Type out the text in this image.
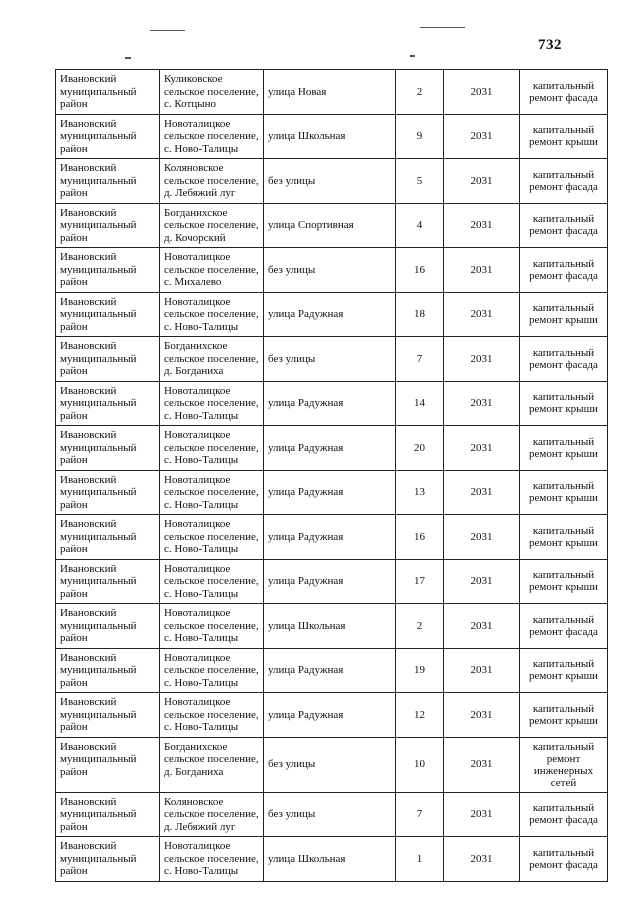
732
Ивановский муниципальный район	Куликовское сельское поселение, с. Котцыно	улица Новая	2	2031	капитальный ремонт фасада
Ивановский муниципальный район	Новоталицкое сельское поселение, с. Ново-Талицы	улица Школьная	9	2031	капитальный ремонт крыши
Ивановский муниципальный район	Коляновское сельское поселение, д. Лебяжий луг	без улицы	5	2031	капитальный ремонт фасада
Ивановский муниципальный район	Богданихское сельское поселение, д. Кочорский	улица Спортивная	4	2031	капитальный ремонт фасада
Ивановский муниципальный район	Новоталицкое сельское поселение, с. Михалево	без улицы	16	2031	капитальный ремонт фасада
Ивановский муниципальный район	Новоталицкое сельское поселение, с. Ново-Талицы	улица Радужная	18	2031	капитальный ремонт крыши
Ивановский муниципальный район	Богданихское сельское поселение, д. Богданиха	без улицы	7	2031	капитальный ремонт фасада
Ивановский муниципальный район	Новоталицкое сельское поселение, с. Ново-Талицы	улица Радужная	14	2031	капитальный ремонт крыши
Ивановский муниципальный район	Новоталицкое сельское поселение, с. Ново-Талицы	улица Радужная	20	2031	капитальный ремонт крыши
Ивановский муниципальный район	Новоталицкое сельское поселение, с. Ново-Талицы	улица Радужная	13	2031	капитальный ремонт крыши
Ивановский муниципальный район	Новоталицкое сельское поселение, с. Ново-Талицы	улица Радужная	16	2031	капитальный ремонт крыши
Ивановский муниципальный район	Новоталицкое сельское поселение, с. Ново-Талицы	улица Радужная	17	2031	капитальный ремонт крыши
Ивановский муниципальный район	Новоталицкое сельское поселение, с. Ново-Талицы	улица Школьная	2	2031	капитальный ремонт фасада
Ивановский муниципальный район	Новоталицкое сельское поселение, с. Ново-Талицы	улица Радужная	19	2031	капитальный ремонт крыши
Ивановский муниципальный район	Новоталицкое сельское поселение, с. Ново-Талицы	улица Радужная	12	2031	капитальный ремонт крыши
Ивановский муниципальный район	Богданихское сельское поселение, д. Богданиха	без улицы	10	2031	капитальный ремонт инженерных сетей
Ивановский муниципальный район	Коляновское сельское поселение, д. Лебяжий луг	без улицы	7	2031	капитальный ремонт фасада
Ивановский муниципальный район	Новоталицкое сельское поселение, с. Ново-Талицы	улица Школьная	1	2031	капитальный ремонт фасада
